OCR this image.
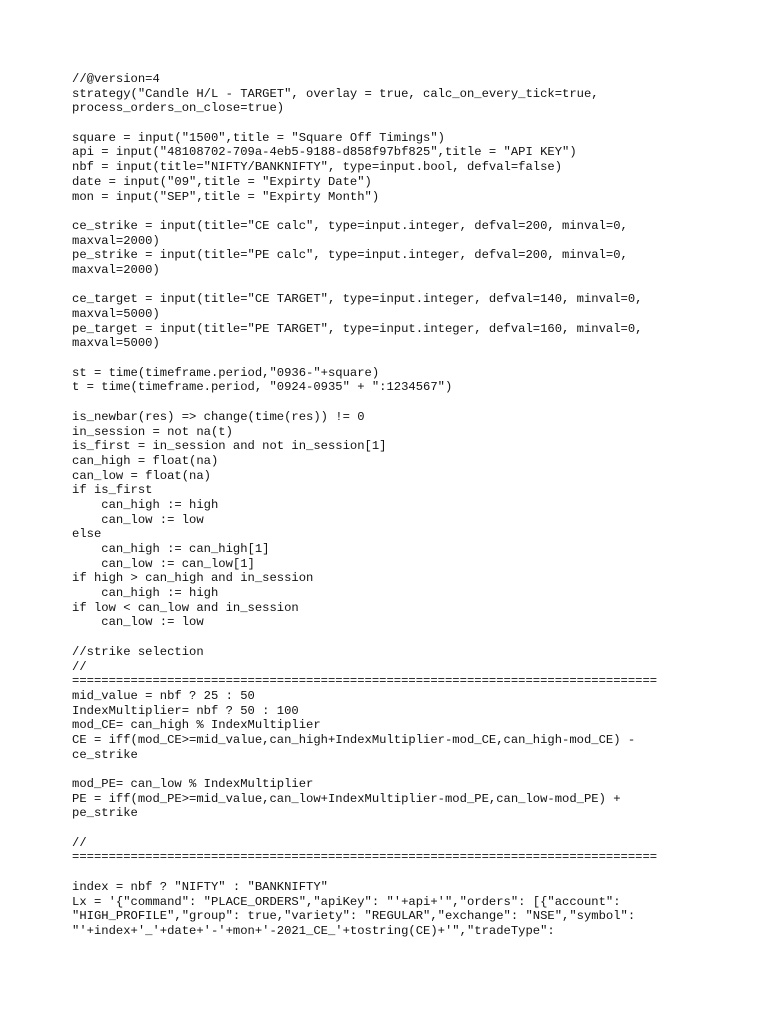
//@version=4
strategy("Candle H/L - TARGET", overlay = true, calc_on_every_tick=true,
process_orders_on_close=true)
square = input("1500",title = "Square Off Timings")
api = input("48108702-709a-4eb5-9188-d858f97bf825",title = "API KEY")
nbf = input(title="NIFTY/BANKNIFTY", type=input.bool, defval=false)
date = input("09",title = "Expirty Date")
mon = input("SEP",title = "Expirty Month")
ce_strike = input(title="CE calc", type=input.integer, defval=200, minval=0,
maxval=2000)
pe_strike = input(title="PE calc", type=input.integer, defval=200, minval=0,
maxval=2000)
ce_target = input(title="CE TARGET", type=input.integer, defval=140, minval=0,
maxval=5000)
pe_target = input(title="PE TARGET", type=input.integer, defval=160, minval=0,
maxval=5000)
st = time(timeframe.period,"0936-"+square)
t = time(timeframe.period, "0924-0935" + ":1234567")
is_newbar(res) => change(time(res)) != 0
in_session = not na(t)
is_first = in_session and not in_session[1]
can_high = float(na)
can_low = float(na)
if is_first
can_high := high
can_low := low
else
can_high := can_high[1]
can_low := can_low[1]
if high > can_high and in_session
can_high := high
if low < can_low and in_session
can_low := low
//strike selection
//
================================================================================
mid_value = nbf ? 25 : 50
IndexMultiplier= nbf ? 50 : 100
mod_CE= can_high % IndexMultiplier
CE = iff(mod_CE>=mid_value,can_high+IndexMultiplier-mod_CE,can_high-mod_CE) -
ce_strike
mod_PE= can_low % IndexMultiplier
PE = iff(mod_PE>=mid_value,can_low+IndexMultiplier-mod_PE,can_low-mod_PE) +
pe_strike
//
================================================================================
index = nbf ? "NIFTY" : "BANKNIFTY"
Lx = '{"command": "PLACE_ORDERS","apiKey": "'+api+'","orders": [{"account":
"HIGH_PROFILE","group": true,"variety": "REGULAR","exchange": "NSE","symbol":
"'+index+'_'+date+'-'+mon+'-2021_CE_'+tostring(CE)+'","tradeType":
